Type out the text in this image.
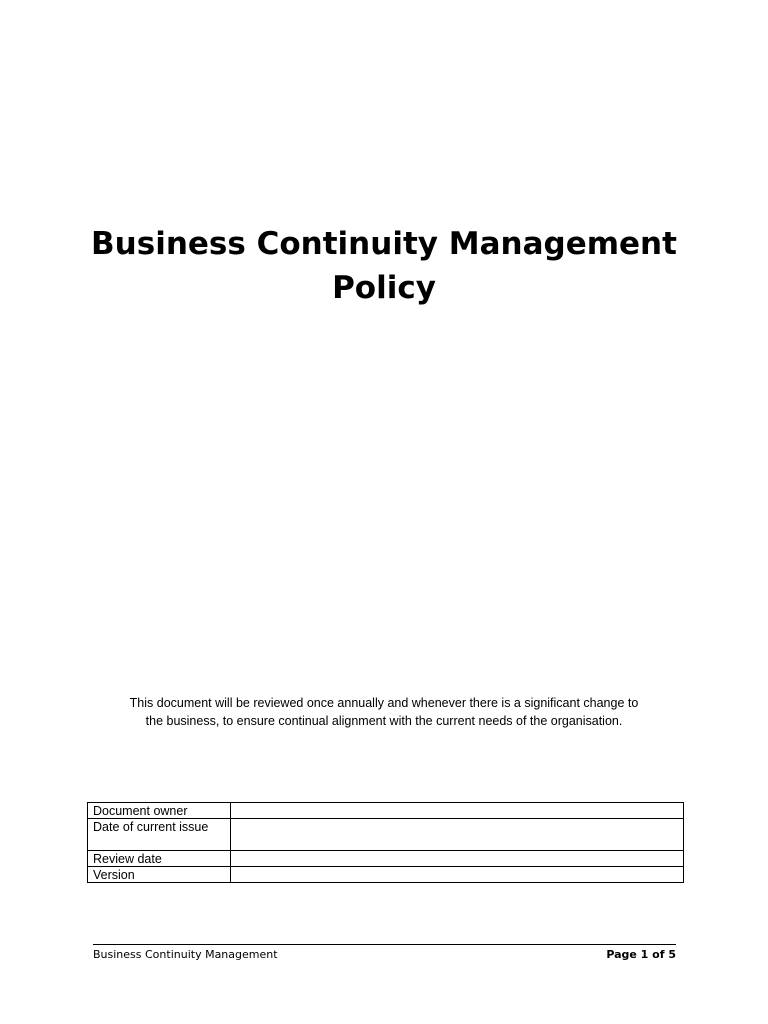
Business Continuity Management
Policy

This document will be reviewed once annually and whenever there is a significant change to
the business, to ensure continual alignment with the current needs of the organisation.

Document owner	
Date of current issue	
Review date	
Version	
Business Continuity Management	Page 1 of 5
